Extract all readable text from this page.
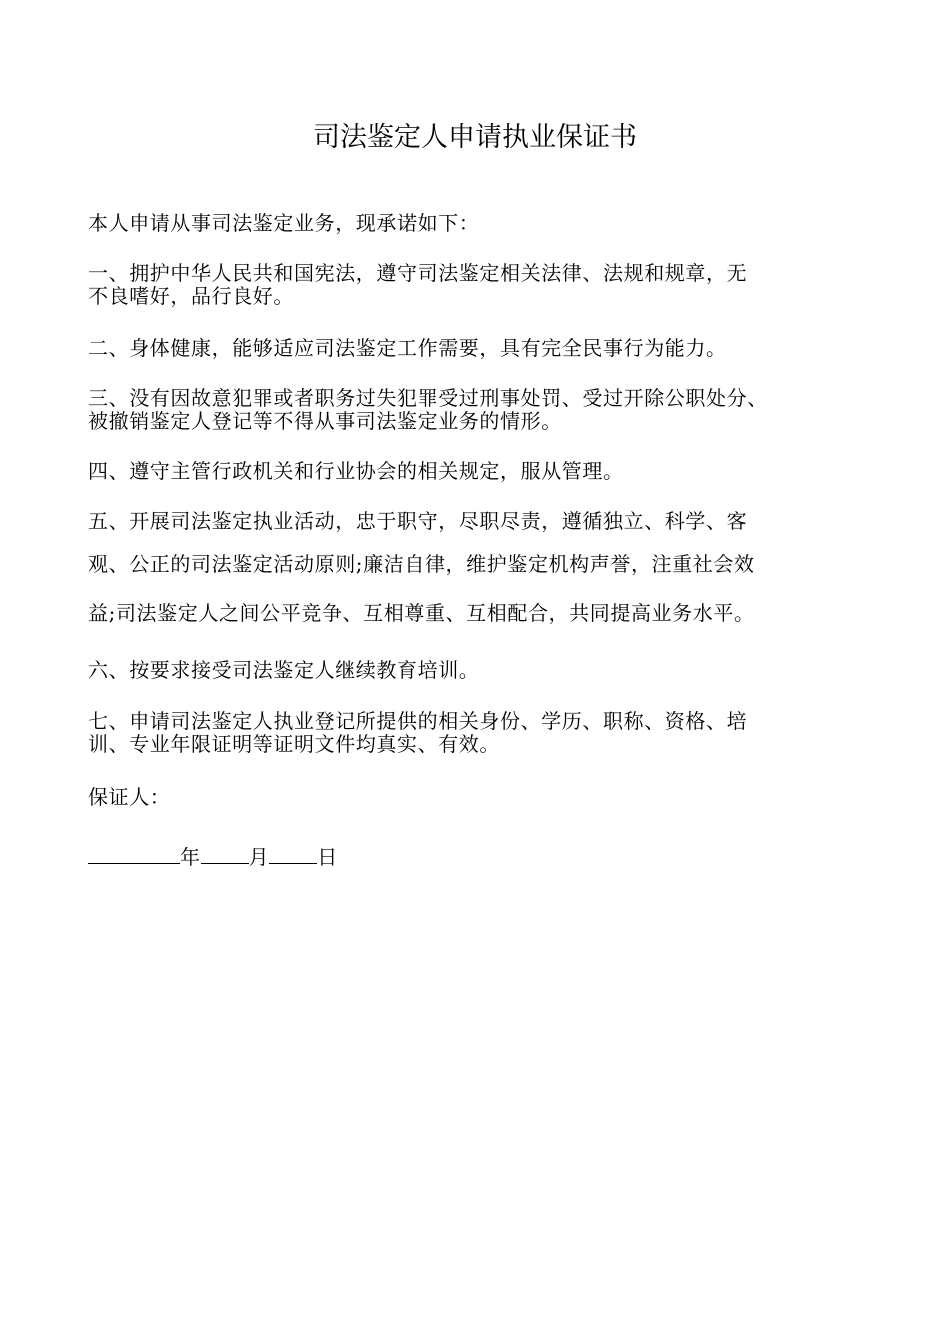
司法鉴定人申请执业保证书
本人申请从事司法鉴定业务，现承诺如下：
一、拥护中华人民共和国宪法，遵守司法鉴定相关法律、法规和规章，无
不良嗜好，品行良好。
二、身体健康，能够适应司法鉴定工作需要，具有完全民事行为能力。
三、没有因故意犯罪或者职务过失犯罪受过刑事处罚、受过开除公职处分、
被撤销鉴定人登记等不得从事司法鉴定业务的情形。
四、遵守主管行政机关和行业协会的相关规定，服从管理。
五、开展司法鉴定执业活动，忠于职守，尽职尽责，遵循独立、科学、客
观、公正的司法鉴定活动原则;廉洁自律，维护鉴定机构声誉，注重社会效
益;司法鉴定人之间公平竞争、互相尊重、互相配合，共同提高业务水平。
六、按要求接受司法鉴定人继续教育培训。
七、申请司法鉴定人执业登记所提供的相关身份、学历、职称、资格、培
训、专业年限证明等证明文件均真实、有效。
保证人：
年 月 日
